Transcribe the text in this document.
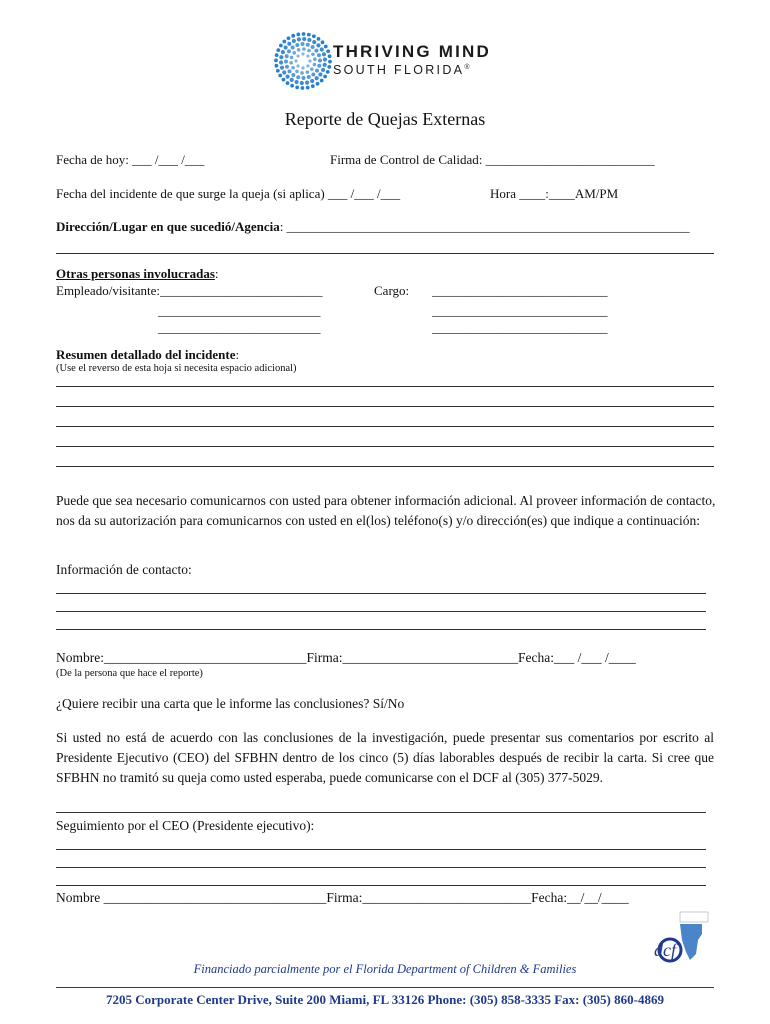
THRIVING MIND
SOUTH FLORIDA®
Reporte de Quejas Externas
Fecha de hoy: ___ /___ /___	Firma de Control de Calidad: __________________________
Fecha del incidente de que surge la queja (si aplica) ___ /___ /___	Hora ____:____AM/PM
Dirección/Lugar en que sucedió/Agencia: ______________________________________________________________
Otras personas involucradas:
Empleado/visitante:_________________________	Cargo: ___________________________
_________________________	___________________________
_________________________	___________________________
Resumen detallado del incidente:
(Use el reverso de esta hoja si necesita espacio adicional)
Puede que sea necesario comunicarnos con usted para obtener información adicional. Al proveer información de contacto, nos da su autorización para comunicarnos con usted en el(los) teléfono(s) y/o dirección(es) que indique a continuación:
Información de contacto:
Nombre:______________________________Firma:__________________________Fecha:___ /___ /____
(De la persona que hace el reporte)
¿Quiere recibir una carta que le informe las conclusiones? Sí/No
Si usted no está de acuerdo con las conclusiones de la investigación, puede presentar sus comentarios por escrito al Presidente Ejecutivo (CEO) del SFBHN dentro de los cinco (5) días laborables después de recibir la carta. Si cree que SFBHN no tramitó su queja como usted esperaba, puede comunicarse con el DCF al (305) 377-5029.
Seguimiento por el CEO (Presidente ejecutivo):
Nombre _________________________________Firma:_________________________Fecha:__/__/____
dcf
Financiado parcialmente por el Florida Department of Children & Families
7205 Corporate Center Drive, Suite 200 Miami, FL 33126 Phone: (305) 858-3335 Fax: (305) 860-4869
